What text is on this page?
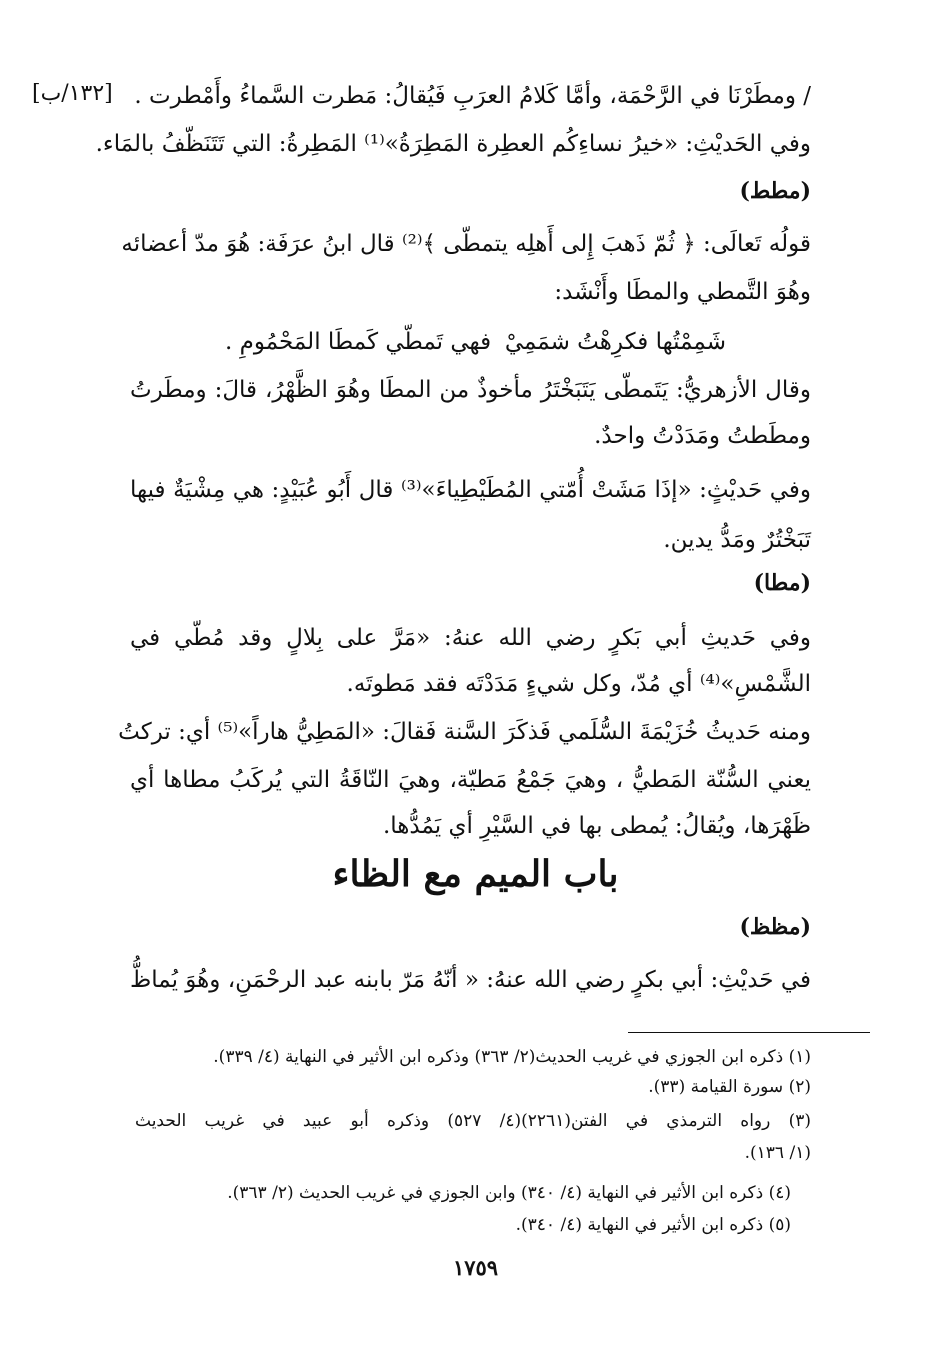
[١٣٢/ب] / ومطَرْنَا في الرَّحْمَة، وأمَّا كَلامُ العرَبِ فَيُقالُ: مَطرت السَّماءُ وأَمْطرت .
وفي الحَديْثِ: «خيرُ نساءِكُم العطِرة المَطِرَةُ»⁽¹⁾ المَطِرةُ: التي تَتَنَظّفُ بالمَاء.
(مطط)
قولُه تَعالَى: ﴿ ثُمّ ذَهبَ إِلى أَهلِه يتمطّى ﴾⁽²⁾ قال ابنُ عرَفَة: هُوَ مدّ أعضائه
وهُوَ التَّمطي والمطَا وأَنْشَد:
شَمِمْتُها فكرِهْتُ شمَمِيْ
فهي تَمطّي كَمطَا المَحْمُومِ .
وقال الأزهريُّ: يَتَمطّى يَتَبَخْتَرُ مأخوذٌ من المطَا وهُوَ الظَّهْرُ، قالَ: ومطَرتُ
ومطَطتُ ومَدَدْتُ واحدٌ.
وفي حَديْثٍ: «إذَا مَشَتْ أُمّتي المُطَيْطِياءَ»⁽³⁾ قال أَبُو عُبَيْدٍ: هي مِشْيَةٌ فيها
تَبَخْتُرٌ ومَدُّ يدين.
(مطا)
وفي حَديثِ أبي بَكرٍ رضي الله عنهُ: «مَرَّ على بِلالٍ وقد مُطّي في
الشَّمْسِ»⁽⁴⁾ أي مُدّ، وكل شيءٍ مَدَدْتَه فقد مَطوتَه.
ومنه حَديثُ خُزَيْمَةَ السُّلَمي فَذكَرَ السَّنة فَقالَ: «المَطِيُّ هاراً»⁽⁵⁾ أي: تركتُ
يعني السُّنّة المَطيُّ ، وهيَ جَمْعُ مَطيّة، وهيَ النّاقَةُ التي يُركَبُ مطاها أي
ظَهْرَها، ويُقالُ: يُمطى بها في السَّيْرِ أي يَمُدُّها.
باب الميم مع الظاء
(مظظ)
في حَديْثِ: أبي بكرٍ رضي الله عنهُ: « أنّهُ مَرّ بابنه عبد الرحْمَنِ، وهُوَ يُماظُّ
(١) ذكره ابن الجوزي في غريب الحديث(٢/ ٣٦٣) وذكره ابن الأثير في النهاية (٤/ ٣٣٩).
(٢) سورة القيامة (٣٣).
(٣) رواه الترمذي في الفتن(٢٢٦١)(٤/ ٥٢٧) وذكره أبو عبيد في غريب الحديث
(١/ ١٣٦).
(٤) ذكره ابن الأثير في النهاية (٤/ ٣٤٠) وابن الجوزي في غريب الحديث (٢/ ٣٦٣).
(٥) ذكره ابن الأثير في النهاية (٤/ ٣٤٠).
١٧٥٩
